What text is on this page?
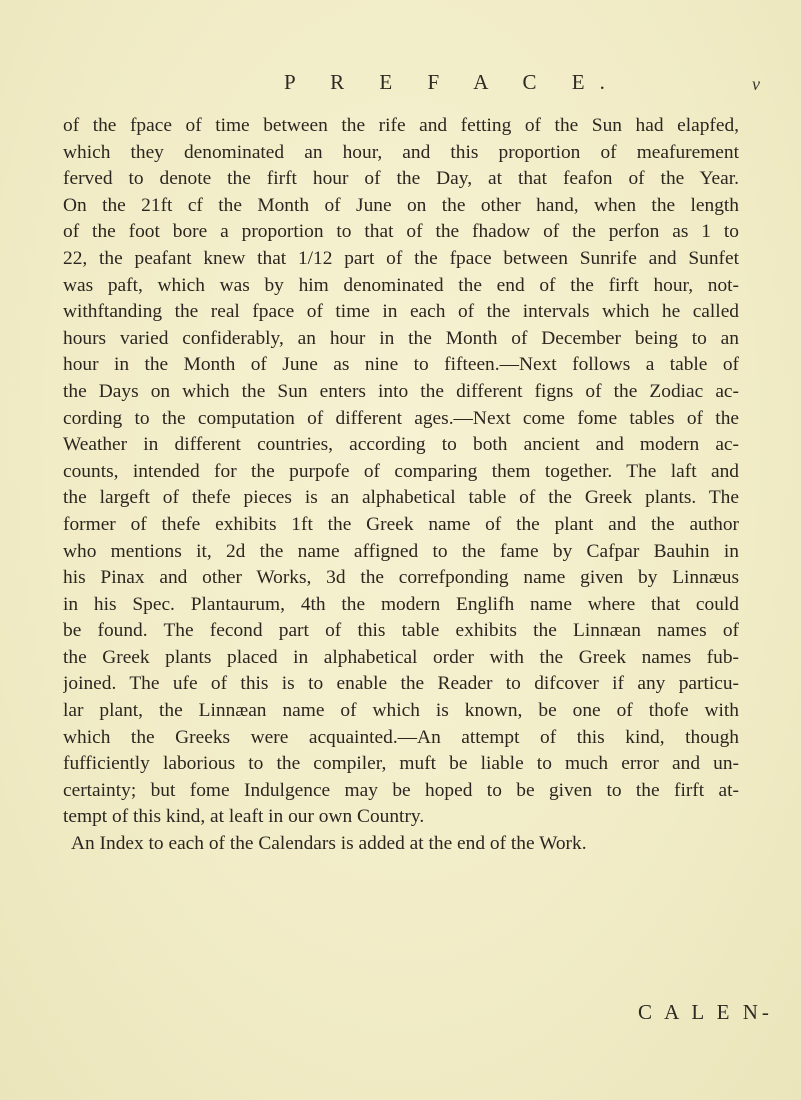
P R E F A C E.	v
of the fpace of time between the rife and fetting of the Sun had elapfed,
which they denominated an hour, and this proportion of meafurement
ferved to denote the firft hour of the Day, at that feafon of the Year.
On the 21ft cf the Month of June on the other hand, when the length
of the foot bore a proportion to that of the fhadow of the perfon as 1 to
22, the peafant knew that 1/12 part of the fpace between Sunrife and Sunfet
was paft, which was by him denominated the end of the firft hour, not-
withftanding the real fpace of time in each of the intervals which he called
hours varied confiderably, an hour in the Month of December being to an
hour in the Month of June as nine to fifteen.—Next follows a table of
the Days on which the Sun enters into the different figns of the Zodiac ac-
cording to the computation of different ages.—Next come fome tables of the
Weather in different countries, according to both ancient and modern ac-
counts, intended for the purpofe of comparing them together. The laft and
the largeft of thefe pieces is an alphabetical table of the Greek plants. The
former of thefe exhibits 1ft the Greek name of the plant and the author
who mentions it, 2d the name affigned to the fame by Cafpar Bauhin in
his Pinax and other Works, 3d the correfponding name given by Linnæus
in his Spec. Plantaurum, 4th the modern Englifh name where that could
be found. The fecond part of this table exhibits the Linnæan names of
the Greek plants placed in alphabetical order with the Greek names fub-
joined. The ufe of this is to enable the Reader to difcover if any particu-
lar plant, the Linnæan name of which is known, be one of thofe with
which the Greeks were acquainted.—An attempt of this kind, though
fufficiently laborious to the compiler, muft be liable to much error and un-
certainty; but fome Indulgence may be hoped to be given to the firft at-
tempt of this kind, at leaft in our own Country.
An Index to each of the Calendars is added at the end of the Work.
C A L E N-
